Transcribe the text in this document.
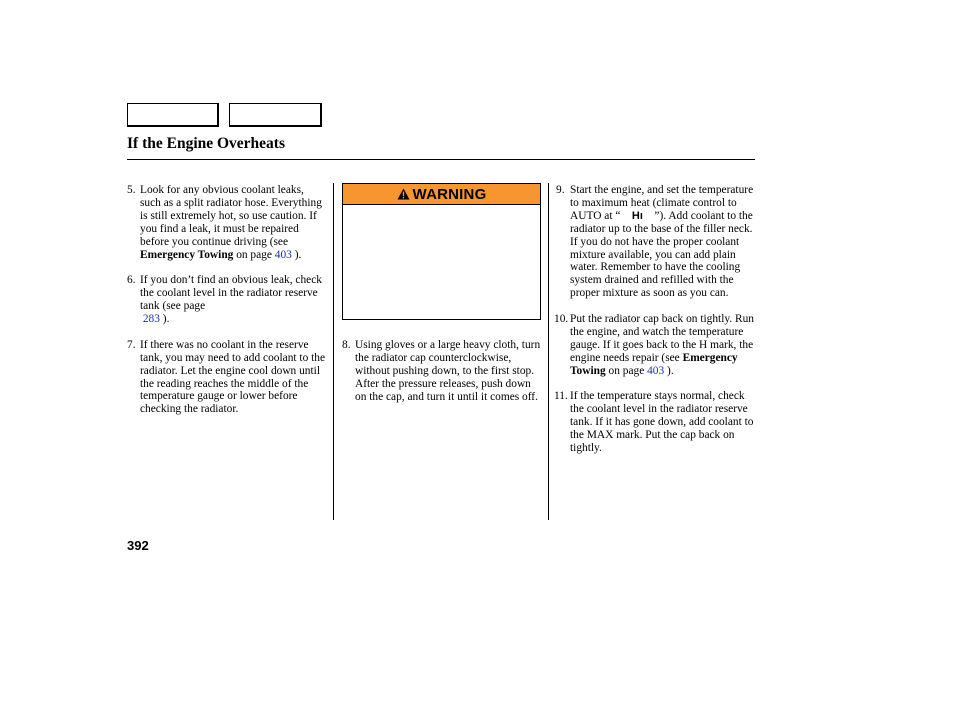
If the Engine Overheats
5. Look for any obvious coolant leaks, such as a split radiator hose. Everything is still extremely hot, so use caution. If you find a leak, it must be repaired before you continue driving (see Emergency Towing on page 403 ).
6. If you don’t find an obvious leak, check the coolant level in the radiator reserve tank (see page
283 ).
7. If there was no coolant in the reserve tank, you may need to add coolant to the radiator. Let the engine cool down until the reading reaches the middle of the temperature gauge or lower before checking the radiator.
WARNING
8. Using gloves or a large heavy cloth, turn the radiator cap counterclockwise, without pushing down, to the first stop. After the pressure releases, push down on the cap, and turn it until it comes off.
9. Start the engine, and set the temperature to maximum heat (climate control to AUTO at “ Hı ”). Add coolant to the radiator up to the base of the filler neck. If you do not have the proper coolant mixture available, you can add plain water. Remember to have the cooling system drained and refilled with the proper mixture as soon as you can.
10. Put the radiator cap back on tightly. Run the engine, and watch the temperature gauge. If it goes back to the H mark, the engine needs repair (see Emergency Towing on page 403 ).
11. If the temperature stays normal, check the coolant level in the radiator reserve tank. If it has gone down, add coolant to the MAX mark. Put the cap back on tightly.
392
